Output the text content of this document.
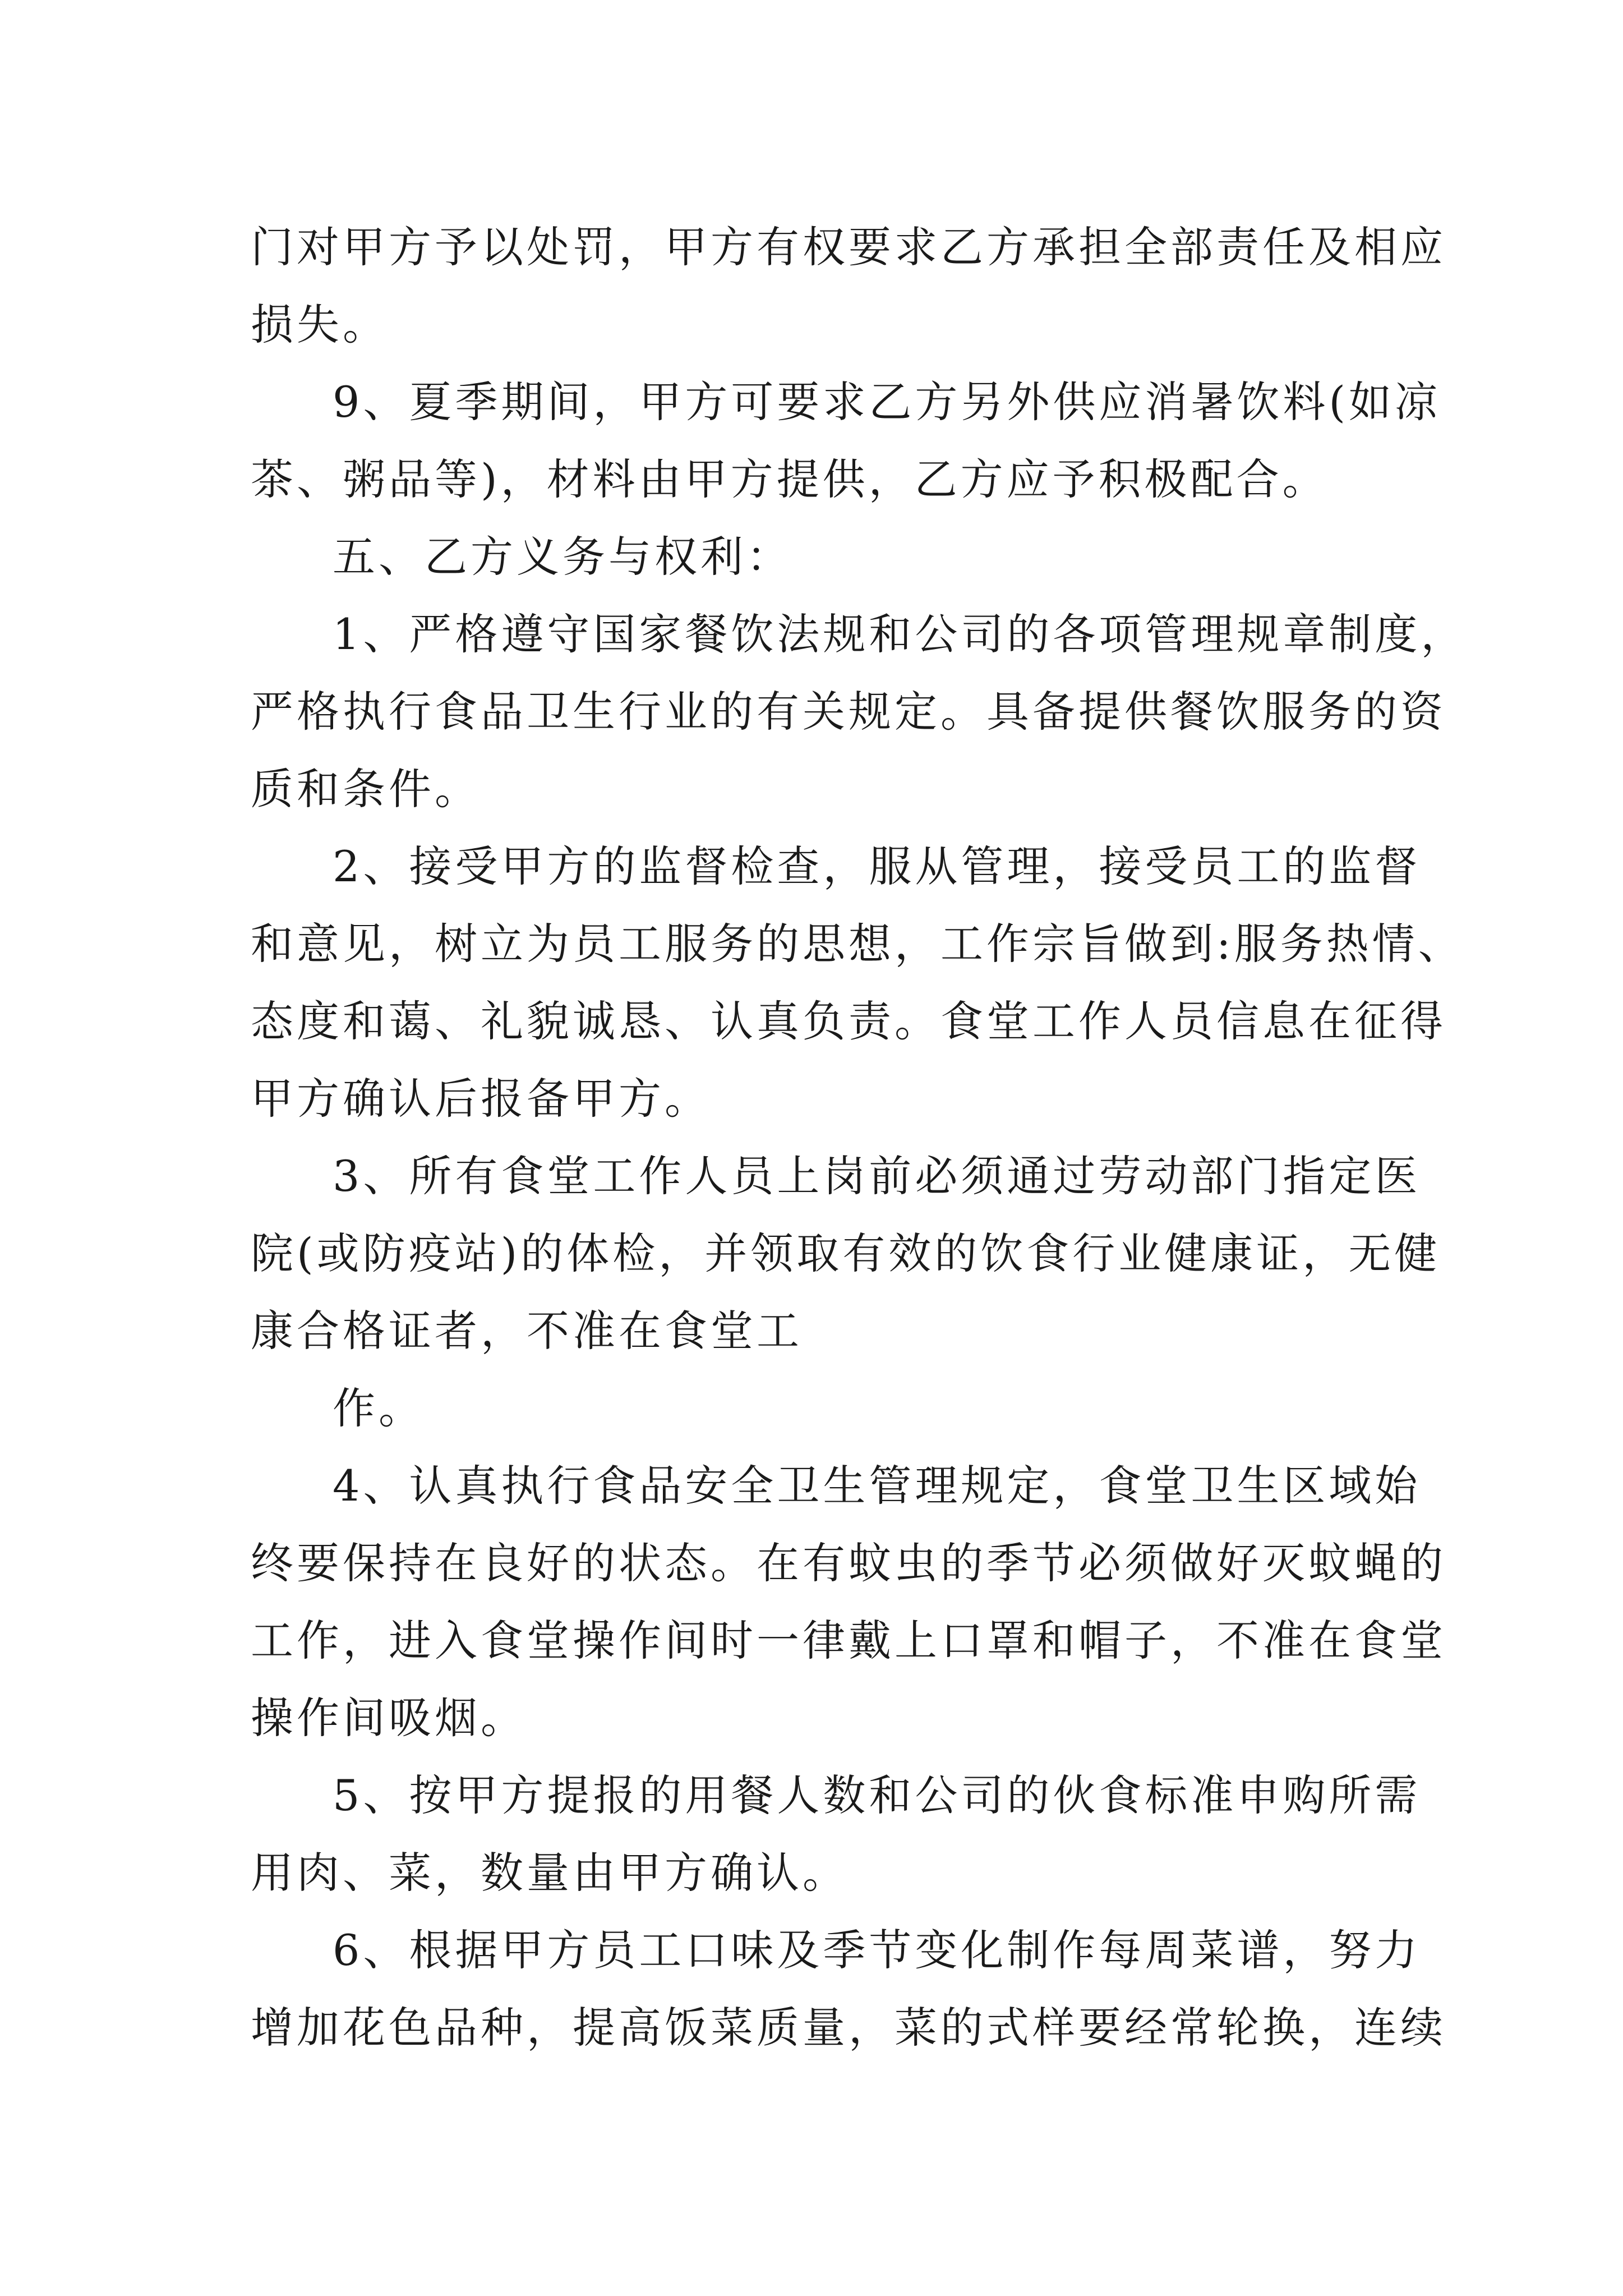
门对甲方予以处罚，甲方有权要求乙方承担全部责任及相应
损失。
9、夏季期间，甲方可要求乙方另外供应消暑饮料(如凉
茶、粥品等)，材料由甲方提供，乙方应予积极配合。
五、乙方义务与权利：
1、严格遵守国家餐饮法规和公司的各项管理规章制度，
严格执行食品卫生行业的有关规定。具备提供餐饮服务的资
质和条件。
2、接受甲方的监督检查，服从管理，接受员工的监督
和意见，树立为员工服务的思想，工作宗旨做到:服务热情、
态度和蔼、礼貌诚恳、认真负责。食堂工作人员信息在征得
甲方确认后报备甲方。
3、所有食堂工作人员上岗前必须通过劳动部门指定医
院(或防疫站)的体检，并领取有效的饮食行业健康证，无健
康合格证者，不准在食堂工
作。
4、认真执行食品安全卫生管理规定，食堂卫生区域始
终要保持在良好的状态。在有蚊虫的季节必须做好灭蚊蝇的
工作，进入食堂操作间时一律戴上口罩和帽子，不准在食堂
操作间吸烟。
5、按甲方提报的用餐人数和公司的伙食标准申购所需
用肉、菜，数量由甲方确认。
6、根据甲方员工口味及季节变化制作每周菜谱，努力
增加花色品种，提高饭菜质量，菜的式样要经常轮换，连续
